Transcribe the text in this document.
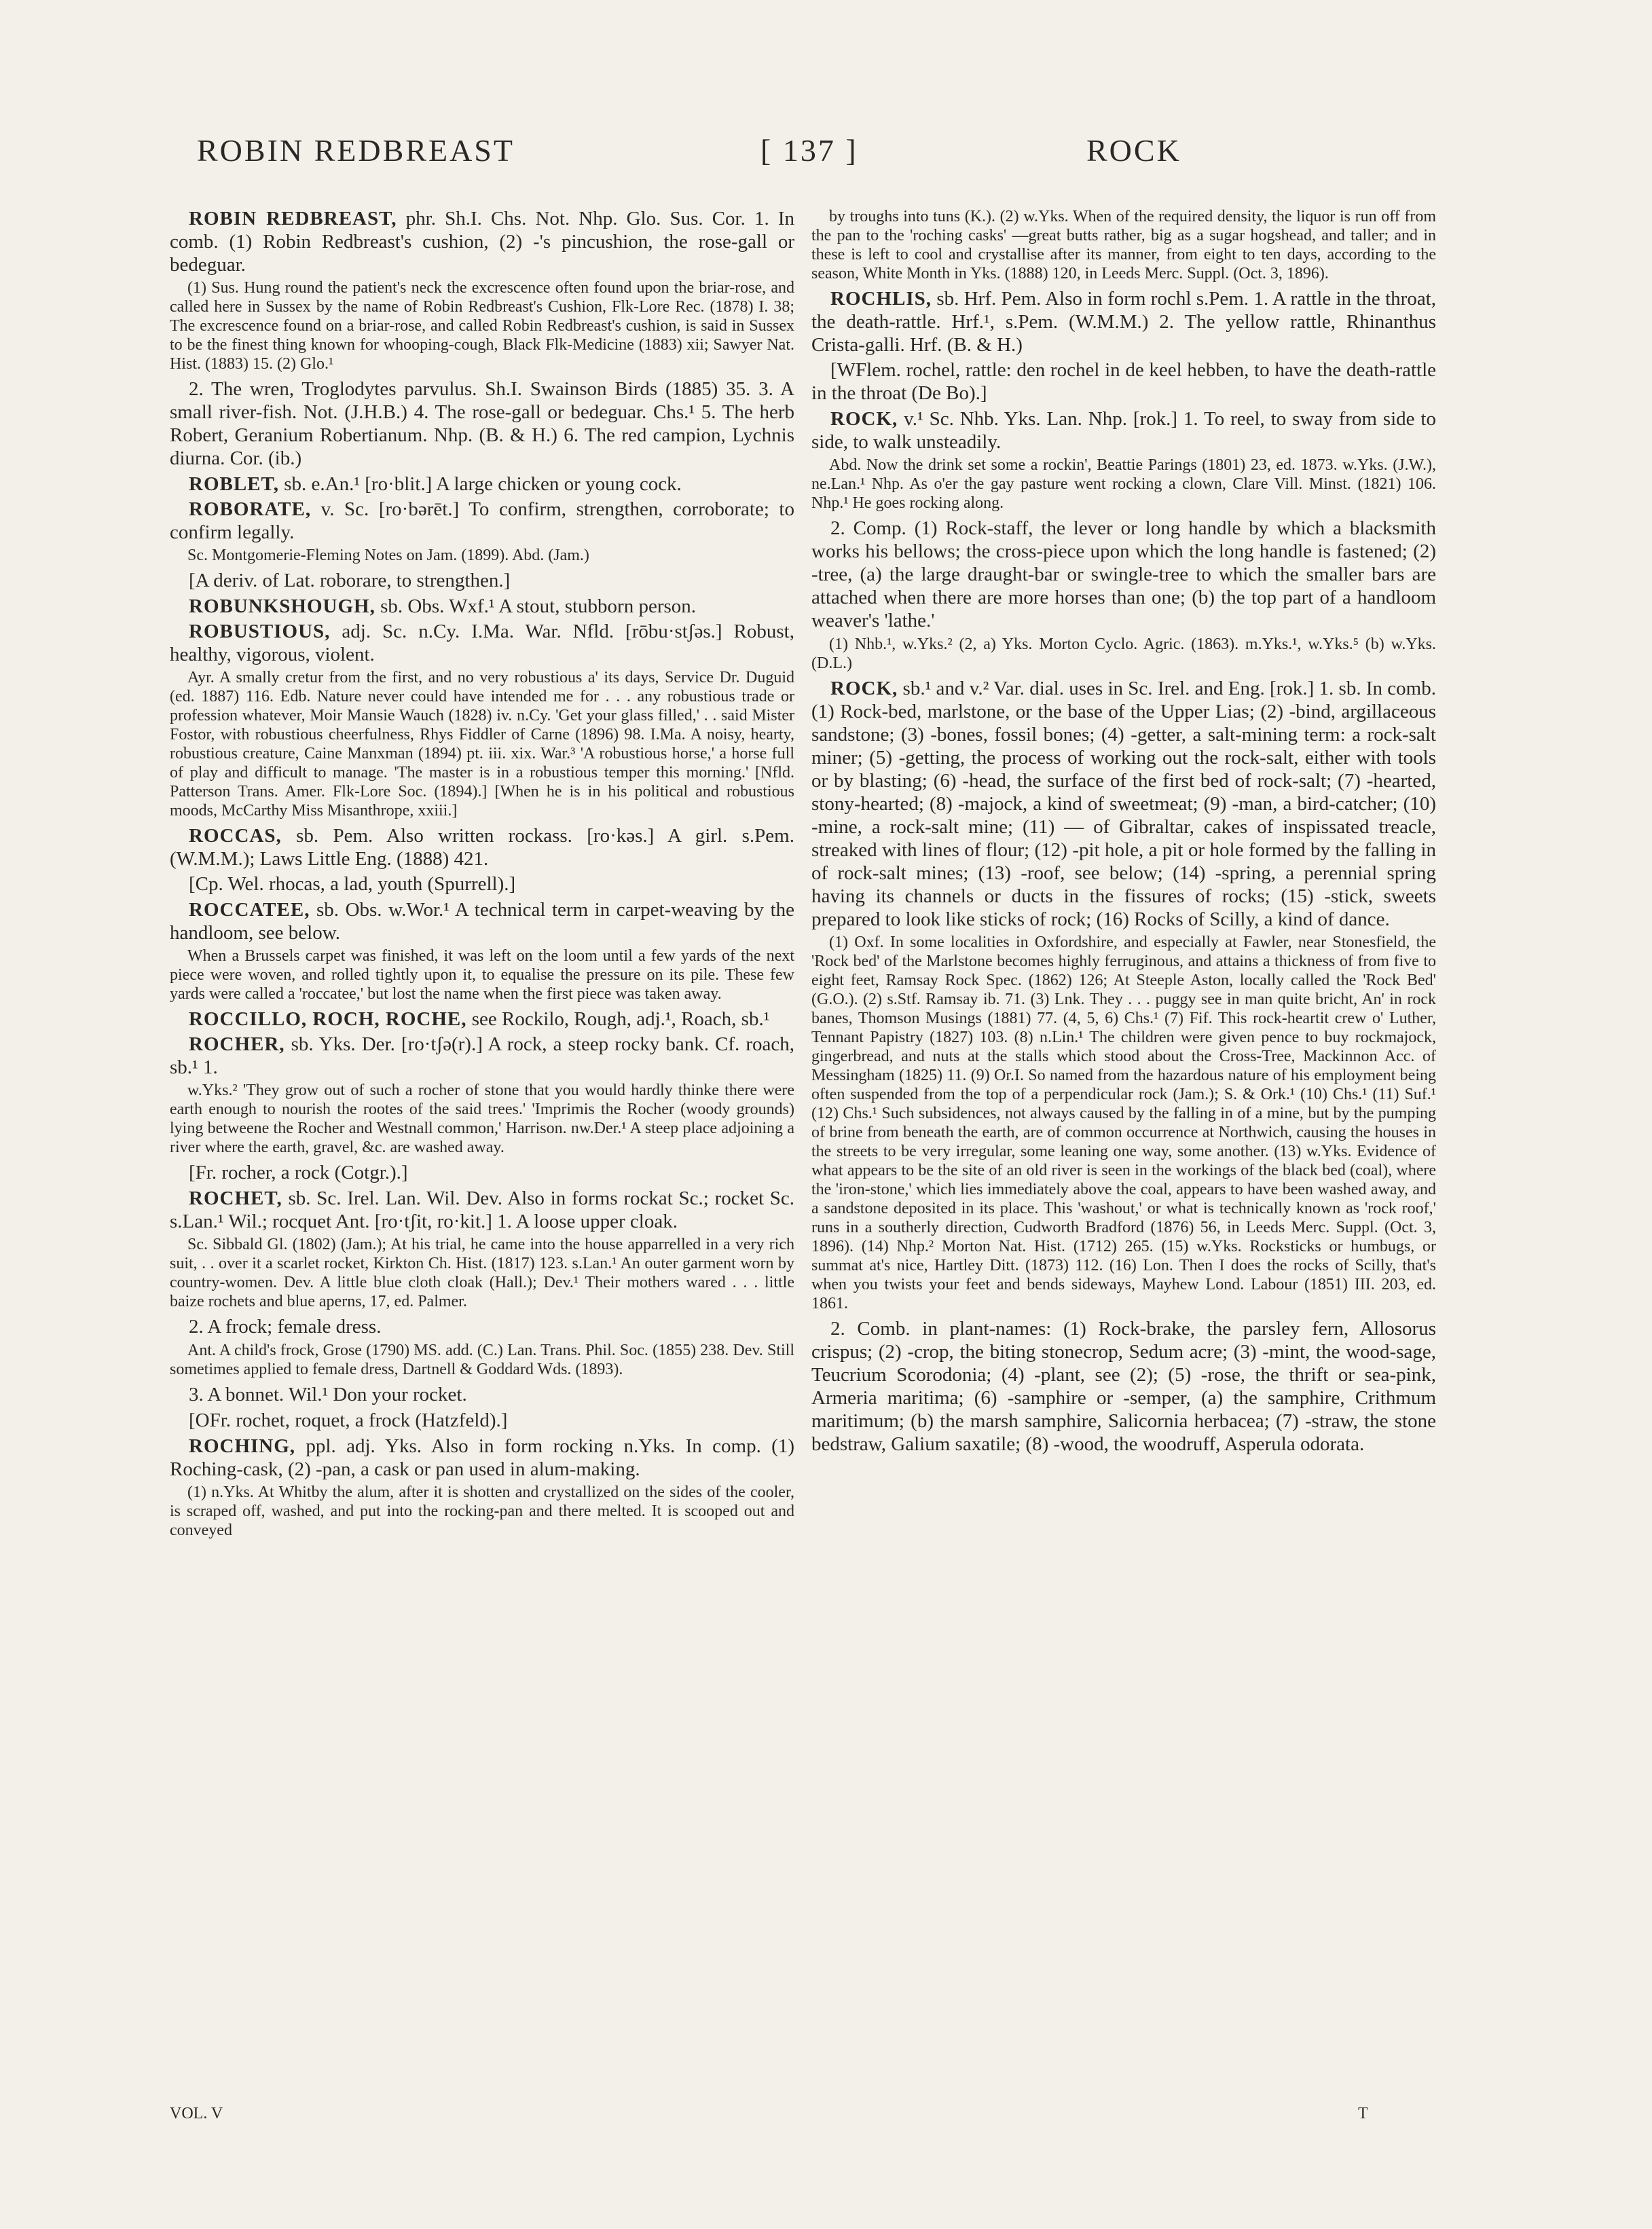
ROBIN REDBREAST	[ 137 ]	ROCK

ROBIN REDBREAST, phr. Sh.I. Chs. Not. Nhp. Glo. Sus. Cor. 1. In comb. (1) Robin Redbreast's cushion, (2) -'s pincushion, the rose-gall or bedeguar.

(1) Sus. Hung round the patient's neck the excrescence often found upon the briar-rose, and called here in Sussex by the name of Robin Redbreast's Cushion, Flk-Lore Rec. (1878) I. 38; The excrescence found on a briar-rose, and called Robin Redbreast's cushion, is said in Sussex to be the finest thing known for whooping-cough, Black Flk-Medicine (1883) xii; Sawyer Nat. Hist. (1883) 15. (2) Glo.¹

2. The wren, Troglodytes parvulus. Sh.I. Swainson Birds (1885) 35. 3. A small river-fish. Not. (J.H.B.) 4. The rose-gall or bedeguar. Chs.¹ 5. The herb Robert, Geranium Robertianum. Nhp. (B. & H.) 6. The red campion, Lychnis diurna. Cor. (ib.)

ROBLET, sb. e.An.¹ [ro·blit.] A large chicken or young cock.

ROBORATE, v. Sc. [ro·bərēt.] To confirm, strengthen, corroborate; to confirm legally.

Sc. Montgomerie-Fleming Notes on Jam. (1899). Abd. (Jam.)

[A deriv. of Lat. roborare, to strengthen.]

ROBUNKSHOUGH, sb. Obs. Wxf.¹ A stout, stubborn person.

ROBUSTIOUS, adj. Sc. n.Cy. I.Ma. War. Nfld. [rōbu·stʃəs.] Robust, healthy, vigorous, violent.

Ayr. A smally cretur from the first, and no very robustious a' its days, Service Dr. Duguid (ed. 1887) 116. Edb. Nature never could have intended me for . . . any robustious trade or profession whatever, Moir Mansie Wauch (1828) iv. n.Cy. 'Get your glass filled,' . . said Mister Fostor, with robustious cheerfulness, Rhys Fiddler of Carne (1896) 98. I.Ma. A noisy, hearty, robustious creature, Caine Manxman (1894) pt. iii. xix. War.³ 'A robustious horse,' a horse full of play and difficult to manage. 'The master is in a robustious temper this morning.' [Nfld. Patterson Trans. Amer. Flk-Lore Soc. (1894).] [When he is in his political and robustious moods, McCarthy Miss Misanthrope, xxiii.]

ROCCAS, sb. Pem. Also written rockass. [ro·kəs.] A girl. s.Pem. (W.M.M.); Laws Little Eng. (1888) 421.

[Cp. Wel. rhocas, a lad, youth (Spurrell).]

ROCCATEE, sb. Obs. w.Wor.¹ A technical term in carpet-weaving by the handloom, see below.

When a Brussels carpet was finished, it was left on the loom until a few yards of the next piece were woven, and rolled tightly upon it, to equalise the pressure on its pile. These few yards were called a 'roccatee,' but lost the name when the first piece was taken away.

ROCCILLO, ROCH, ROCHE, see Rockilo, Rough, adj.¹, Roach, sb.¹

ROCHER, sb. Yks. Der. [ro·tʃə(r).] A rock, a steep rocky bank. Cf. roach, sb.¹ 1.

w.Yks.² 'They grow out of such a rocher of stone that you would hardly thinke there were earth enough to nourish the rootes of the said trees.' 'Imprimis the Rocher (woody grounds) lying betweene the Rocher and Westnall common,' Harrison. nw.Der.¹ A steep place adjoining a river where the earth, gravel, &c. are washed away.

[Fr. rocher, a rock (Cotgr.).]

ROCHET, sb. Sc. Irel. Lan. Wil. Dev. Also in forms rockat Sc.; rocket Sc. s.Lan.¹ Wil.; rocquet Ant. [ro·tʃit, ro·kit.] 1. A loose upper cloak.

Sc. Sibbald Gl. (1802) (Jam.); At his trial, he came into the house apparrelled in a very rich suit, . . over it a scarlet rocket, Kirkton Ch. Hist. (1817) 123. s.Lan.¹ An outer garment worn by country-women. Dev. A little blue cloth cloak (Hall.); Dev.¹ Their mothers wared . . . little baize rochets and blue aperns, 17, ed. Palmer.

2. A frock; female dress.

Ant. A child's frock, Grose (1790) MS. add. (C.) Lan. Trans. Phil. Soc. (1855) 238. Dev. Still sometimes applied to female dress, Dartnell & Goddard Wds. (1893).

3. A bonnet. Wil.¹ Don your rocket.

[OFr. rochet, roquet, a frock (Hatzfeld).]

ROCHING, ppl. adj. Yks. Also in form rocking n.Yks. In comp. (1) Roching-cask, (2) -pan, a cask or pan used in alum-making.

(1) n.Yks. At Whitby the alum, after it is shotten and crystallized on the sides of the cooler, is scraped off, washed, and put into the rocking-pan and there melted. It is scooped out and conveyed

by troughs into tuns (K.). (2) w.Yks. When of the required density, the liquor is run off from the pan to the 'roching casks' —great butts rather, big as a sugar hogshead, and taller; and in these is left to cool and crystallise after its manner, from eight to ten days, according to the season, White Month in Yks. (1888) 120, in Leeds Merc. Suppl. (Oct. 3, 1896).

ROCHLIS, sb. Hrf. Pem. Also in form rochl s.Pem. 1. A rattle in the throat, the death-rattle. Hrf.¹, s.Pem. (W.M.M.) 2. The yellow rattle, Rhinanthus Crista-galli. Hrf. (B. & H.)

[WFlem. rochel, rattle: den rochel in de keel hebben, to have the death-rattle in the throat (De Bo).]

ROCK, v.¹ Sc. Nhb. Yks. Lan. Nhp. [rok.] 1. To reel, to sway from side to side, to walk unsteadily.

Abd. Now the drink set some a rockin', Beattie Parings (1801) 23, ed. 1873. w.Yks. (J.W.), ne.Lan.¹ Nhp. As o'er the gay pasture went rocking a clown, Clare Vill. Minst. (1821) 106. Nhp.¹ He goes rocking along.

2. Comp. (1) Rock-staff, the lever or long handle by which a blacksmith works his bellows; the cross-piece upon which the long handle is fastened; (2) -tree, (a) the large draught-bar or swingle-tree to which the smaller bars are attached when there are more horses than one; (b) the top part of a handloom weaver's 'lathe.'

(1) Nhb.¹, w.Yks.² (2, a) Yks. Morton Cyclo. Agric. (1863). m.Yks.¹, w.Yks.⁵ (b) w.Yks. (D.L.)

ROCK, sb.¹ and v.² Var. dial. uses in Sc. Irel. and Eng. [rok.] 1. sb. In comb. (1) Rock-bed, marlstone, or the base of the Upper Lias; (2) -bind, argillaceous sandstone; (3) -bones, fossil bones; (4) -getter, a salt-mining term: a rock-salt miner; (5) -getting, the process of working out the rock-salt, either with tools or by blasting; (6) -head, the surface of the first bed of rock-salt; (7) -hearted, stony-hearted; (8) -majock, a kind of sweetmeat; (9) -man, a bird-catcher; (10) -mine, a rock-salt mine; (11) — of Gibraltar, cakes of inspissated treacle, streaked with lines of flour; (12) -pit hole, a pit or hole formed by the falling in of rock-salt mines; (13) -roof, see below; (14) -spring, a perennial spring having its channels or ducts in the fissures of rocks; (15) -stick, sweets prepared to look like sticks of rock; (16) Rocks of Scilly, a kind of dance.

(1) Oxf. In some localities in Oxfordshire, and especially at Fawler, near Stonesfield, the 'Rock bed' of the Marlstone becomes highly ferruginous, and attains a thickness of from five to eight feet, Ramsay Rock Spec. (1862) 126; At Steeple Aston, locally called the 'Rock Bed' (G.O.). (2) s.Stf. Ramsay ib. 71. (3) Lnk. They . . . puggy see in man quite bricht, An' in rock banes, Thomson Musings (1881) 77. (4, 5, 6) Chs.¹ (7) Fif. This rock-heartit crew o' Luther, Tennant Papistry (1827) 103. (8) n.Lin.¹ The children were given pence to buy rockmajock, gingerbread, and nuts at the stalls which stood about the Cross-Tree, Mackinnon Acc. of Messingham (1825) 11. (9) Or.I. So named from the hazardous nature of his employment being often suspended from the top of a perpendicular rock (Jam.); S. & Ork.¹ (10) Chs.¹ (11) Suf.¹ (12) Chs.¹ Such subsidences, not always caused by the falling in of a mine, but by the pumping of brine from beneath the earth, are of common occurrence at Northwich, causing the houses in the streets to be very irregular, some leaning one way, some another. (13) w.Yks. Evidence of what appears to be the site of an old river is seen in the workings of the black bed (coal), where the 'iron-stone,' which lies immediately above the coal, appears to have been washed away, and a sandstone deposited in its place. This 'washout,' or what is technically known as 'rock roof,' runs in a southerly direction, Cudworth Bradford (1876) 56, in Leeds Merc. Suppl. (Oct. 3, 1896). (14) Nhp.² Morton Nat. Hist. (1712) 265. (15) w.Yks. Rocksticks or humbugs, or summat at's nice, Hartley Ditt. (1873) 112. (16) Lon. Then I does the rocks of Scilly, that's when you twists your feet and bends sideways, Mayhew Lond. Labour (1851) III. 203, ed. 1861.

2. Comb. in plant-names: (1) Rock-brake, the parsley fern, Allosorus crispus; (2) -crop, the biting stonecrop, Sedum acre; (3) -mint, the wood-sage, Teucrium Scorodonia; (4) -plant, see (2); (5) -rose, the thrift or sea-pink, Armeria maritima; (6) -samphire or -semper, (a) the samphire, Crithmum maritimum; (b) the marsh samphire, Salicornia herbacea; (7) -straw, the stone bedstraw, Galium saxatile; (8) -wood, the woodruff, Asperula odorata.

VOL. V	T
